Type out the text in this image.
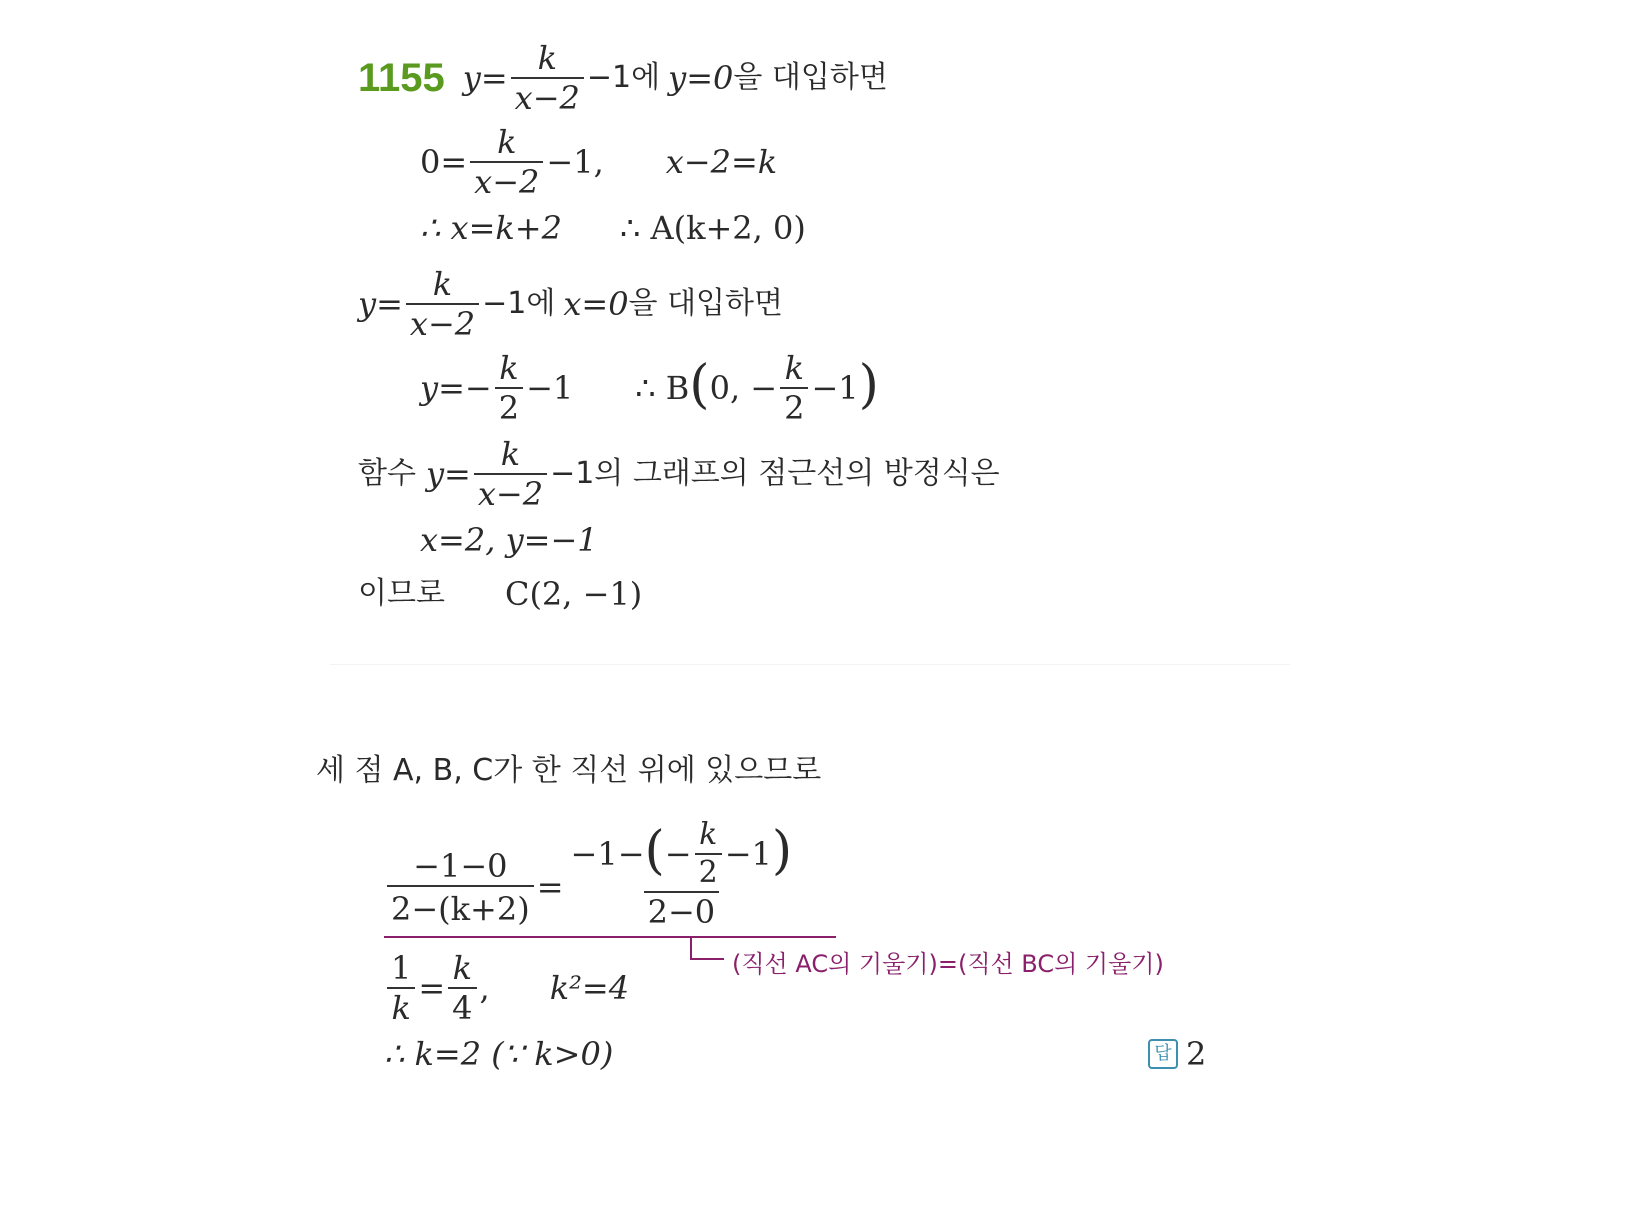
1155 $y = \frac{k}{x-2} -1$에 y=0 을 대입하면
$0= \frac{k}{x-2} -1$, x−2=k
∴ x=k+2 ∴ A(k+2, 0)
$y= \frac{k}{x-2} -1$에 x=0 을 대입하면
$y=- \frac{k}{2} -1$ ∴ B ( 0, − $\frac{k}{2} -1$ )
함수 $y= \frac{k}{x-2} -1$의 그래프의 점근선의 방정식은
x=2, y=−1
이므로 C(2, −1)
세 점 A, B, C가 한 직선 위에 있으므로
$\frac{-1-0}{2-(k+2)}$ =
−1− ( − $\frac{k}{2} -1$ )
2−0
(직선 AC의 기울기)=(직선 BC의 기울기)
$\frac{1}{k} = \frac{k}{4}$ , k²=4
∴ k=2 (∵ k>0)	답 2
